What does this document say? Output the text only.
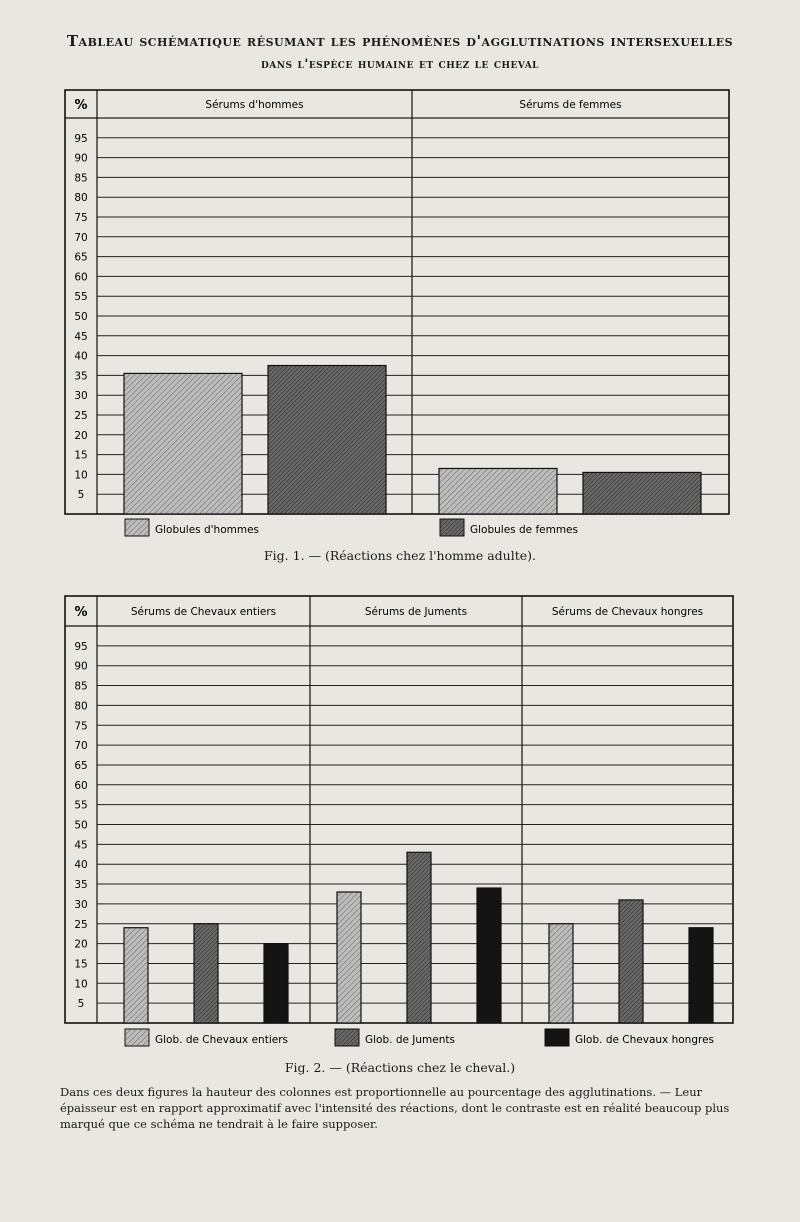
Tableau schématique résumant les phénomènes d'agglutinations intersexuelles
dans l'espèce humaine et chez le cheval
%
5
10
15
20
25
30
35
40
45
50
55
60
65
70
75
80
85
90
95
Sérums d'hommes	Sérums de femmes
Globules d'hommes	Globules de femmes
%
5
10
15
20
25
30
35
40
45
50
55
60
65
70
75
80
85
90
95
Sérums de Chevaux entiers	Sérums de Juments	Sérums de Chevaux hongres
Glob. de Chevaux entiers	Glob. de Juments	Glob. de Chevaux hongres
Fig. 1. — (Réactions chez l'homme adulte).
Fig. 2. — (Réactions chez le cheval.)
Dans ces deux figures la hauteur des colonnes est proportionnelle au pourcentage des agglutinations. — Leur épaisseur est en rapport approximatif avec l'intensité des réactions, dont le contraste est en réalité beaucoup plus marqué que ce schéma ne tendrait à le faire supposer.
